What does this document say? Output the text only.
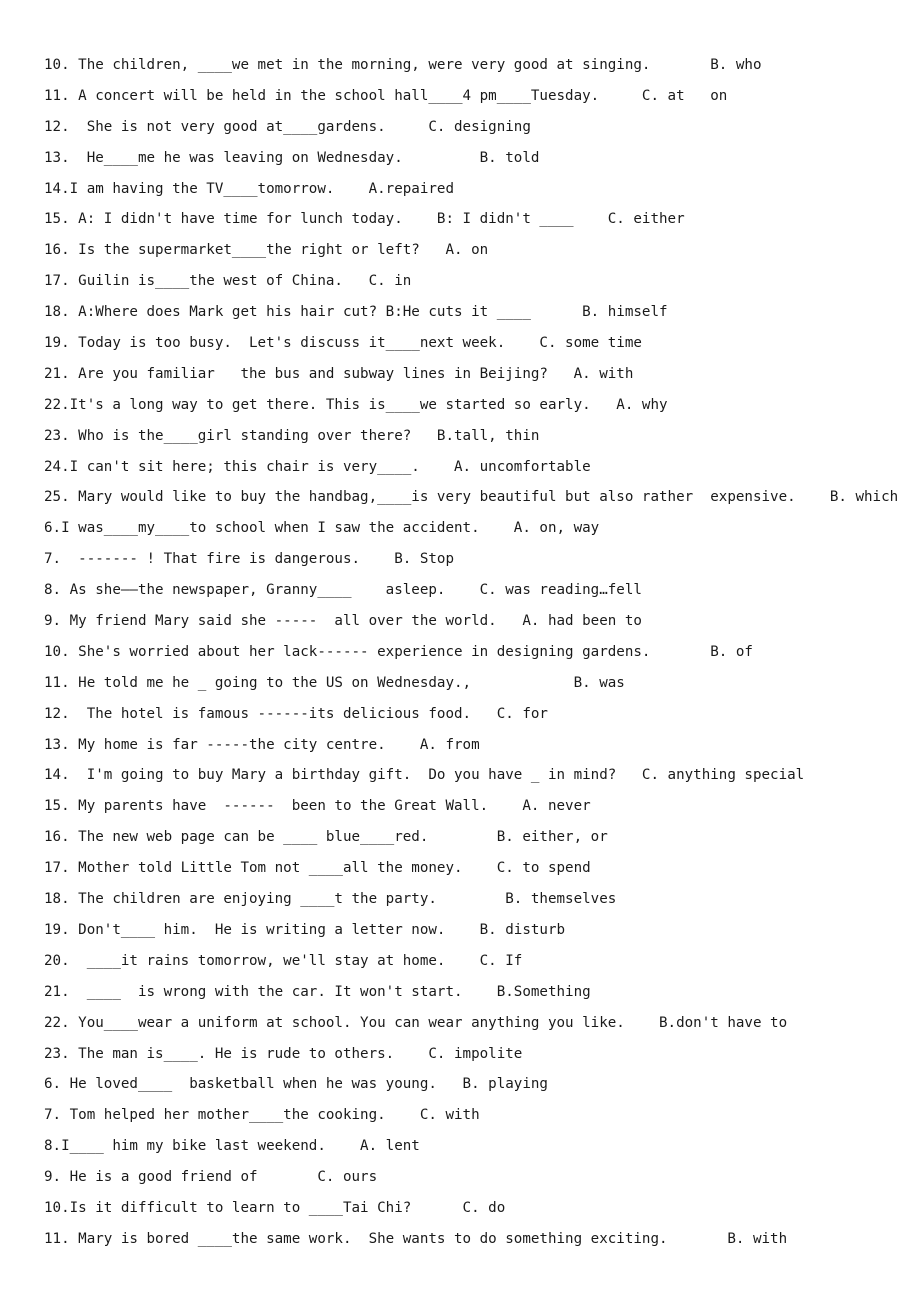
10. The children, ____we met in the morning, were very good at singing.       B. who
11. A concert will be held in the school hall____4 pm____Tuesday.     C. at   on
12.  She is not very good at____gardens.     C. designing
13.  He____me he was leaving on Wednesday.         B. told
14.I am having the TV____tomorrow.    A.repaired
15. A: I didn't have time for lunch today.    B: I didn't ____    C. either
16. Is the supermarket____the right or left?   A. on
17. Guilin is____the west of China.   C. in
18. A:Where does Mark get his hair cut? B:He cuts it ____      B. himself
19. Today is too busy.  Let's discuss it____next week.    C. some time
21. Are you familiar   the bus and subway lines in Beijing?   A. with
22.It's a long way to get there. This is____we started so early.   A. why
23. Who is the____girl standing over there?   B.tall, thin
24.I can't sit here; this chair is very____.    A. uncomfortable
25. Mary would like to buy the handbag,____is very beautiful but also rather  expensive.    B. which
6.I was____my____to school when I saw the accident.    A. on, way
7.  ------- ! That fire is dangerous.    B. Stop
8. As she——the newspaper, Granny____    asleep.    C. was reading…fell
9. My friend Mary said she -----  all over the world.   A. had been to
10. She's worried about her lack------ experience in designing gardens.       B. of
11. He told me he _ going to the US on Wednesday.,            B. was
12.  The hotel is famous ------its delicious food.   C. for
13. My home is far -----the city centre.    A. from
14.  I'm going to buy Mary a birthday gift.  Do you have _ in mind?   C. anything special
15. My parents have  ------  been to the Great Wall.    A. never
16. The new web page can be ____ blue____red.        B. either, or
17. Mother told Little Tom not ____all the money.    C. to spend
18. The children are enjoying ____t the party.        B. themselves
19. Don't____ him.  He is writing a letter now.    B. disturb
20.  ____it rains tomorrow, we'll stay at home.    C. If
21.  ____  is wrong with the car. It won't start.    B.Something
22. You____wear a uniform at school. You can wear anything you like.    B.don't have to
23. The man is____. He is rude to others.    C. impolite
6. He loved____  basketball when he was young.   B. playing
7. Tom helped her mother____the cooking.    C. with
8.I____ him my bike last weekend.    A. lent
9. He is a good friend of       C. ours
10.Is it difficult to learn to ____Tai Chi?      C. do
11. Mary is bored ____the same work.  She wants to do something exciting.       B. with
